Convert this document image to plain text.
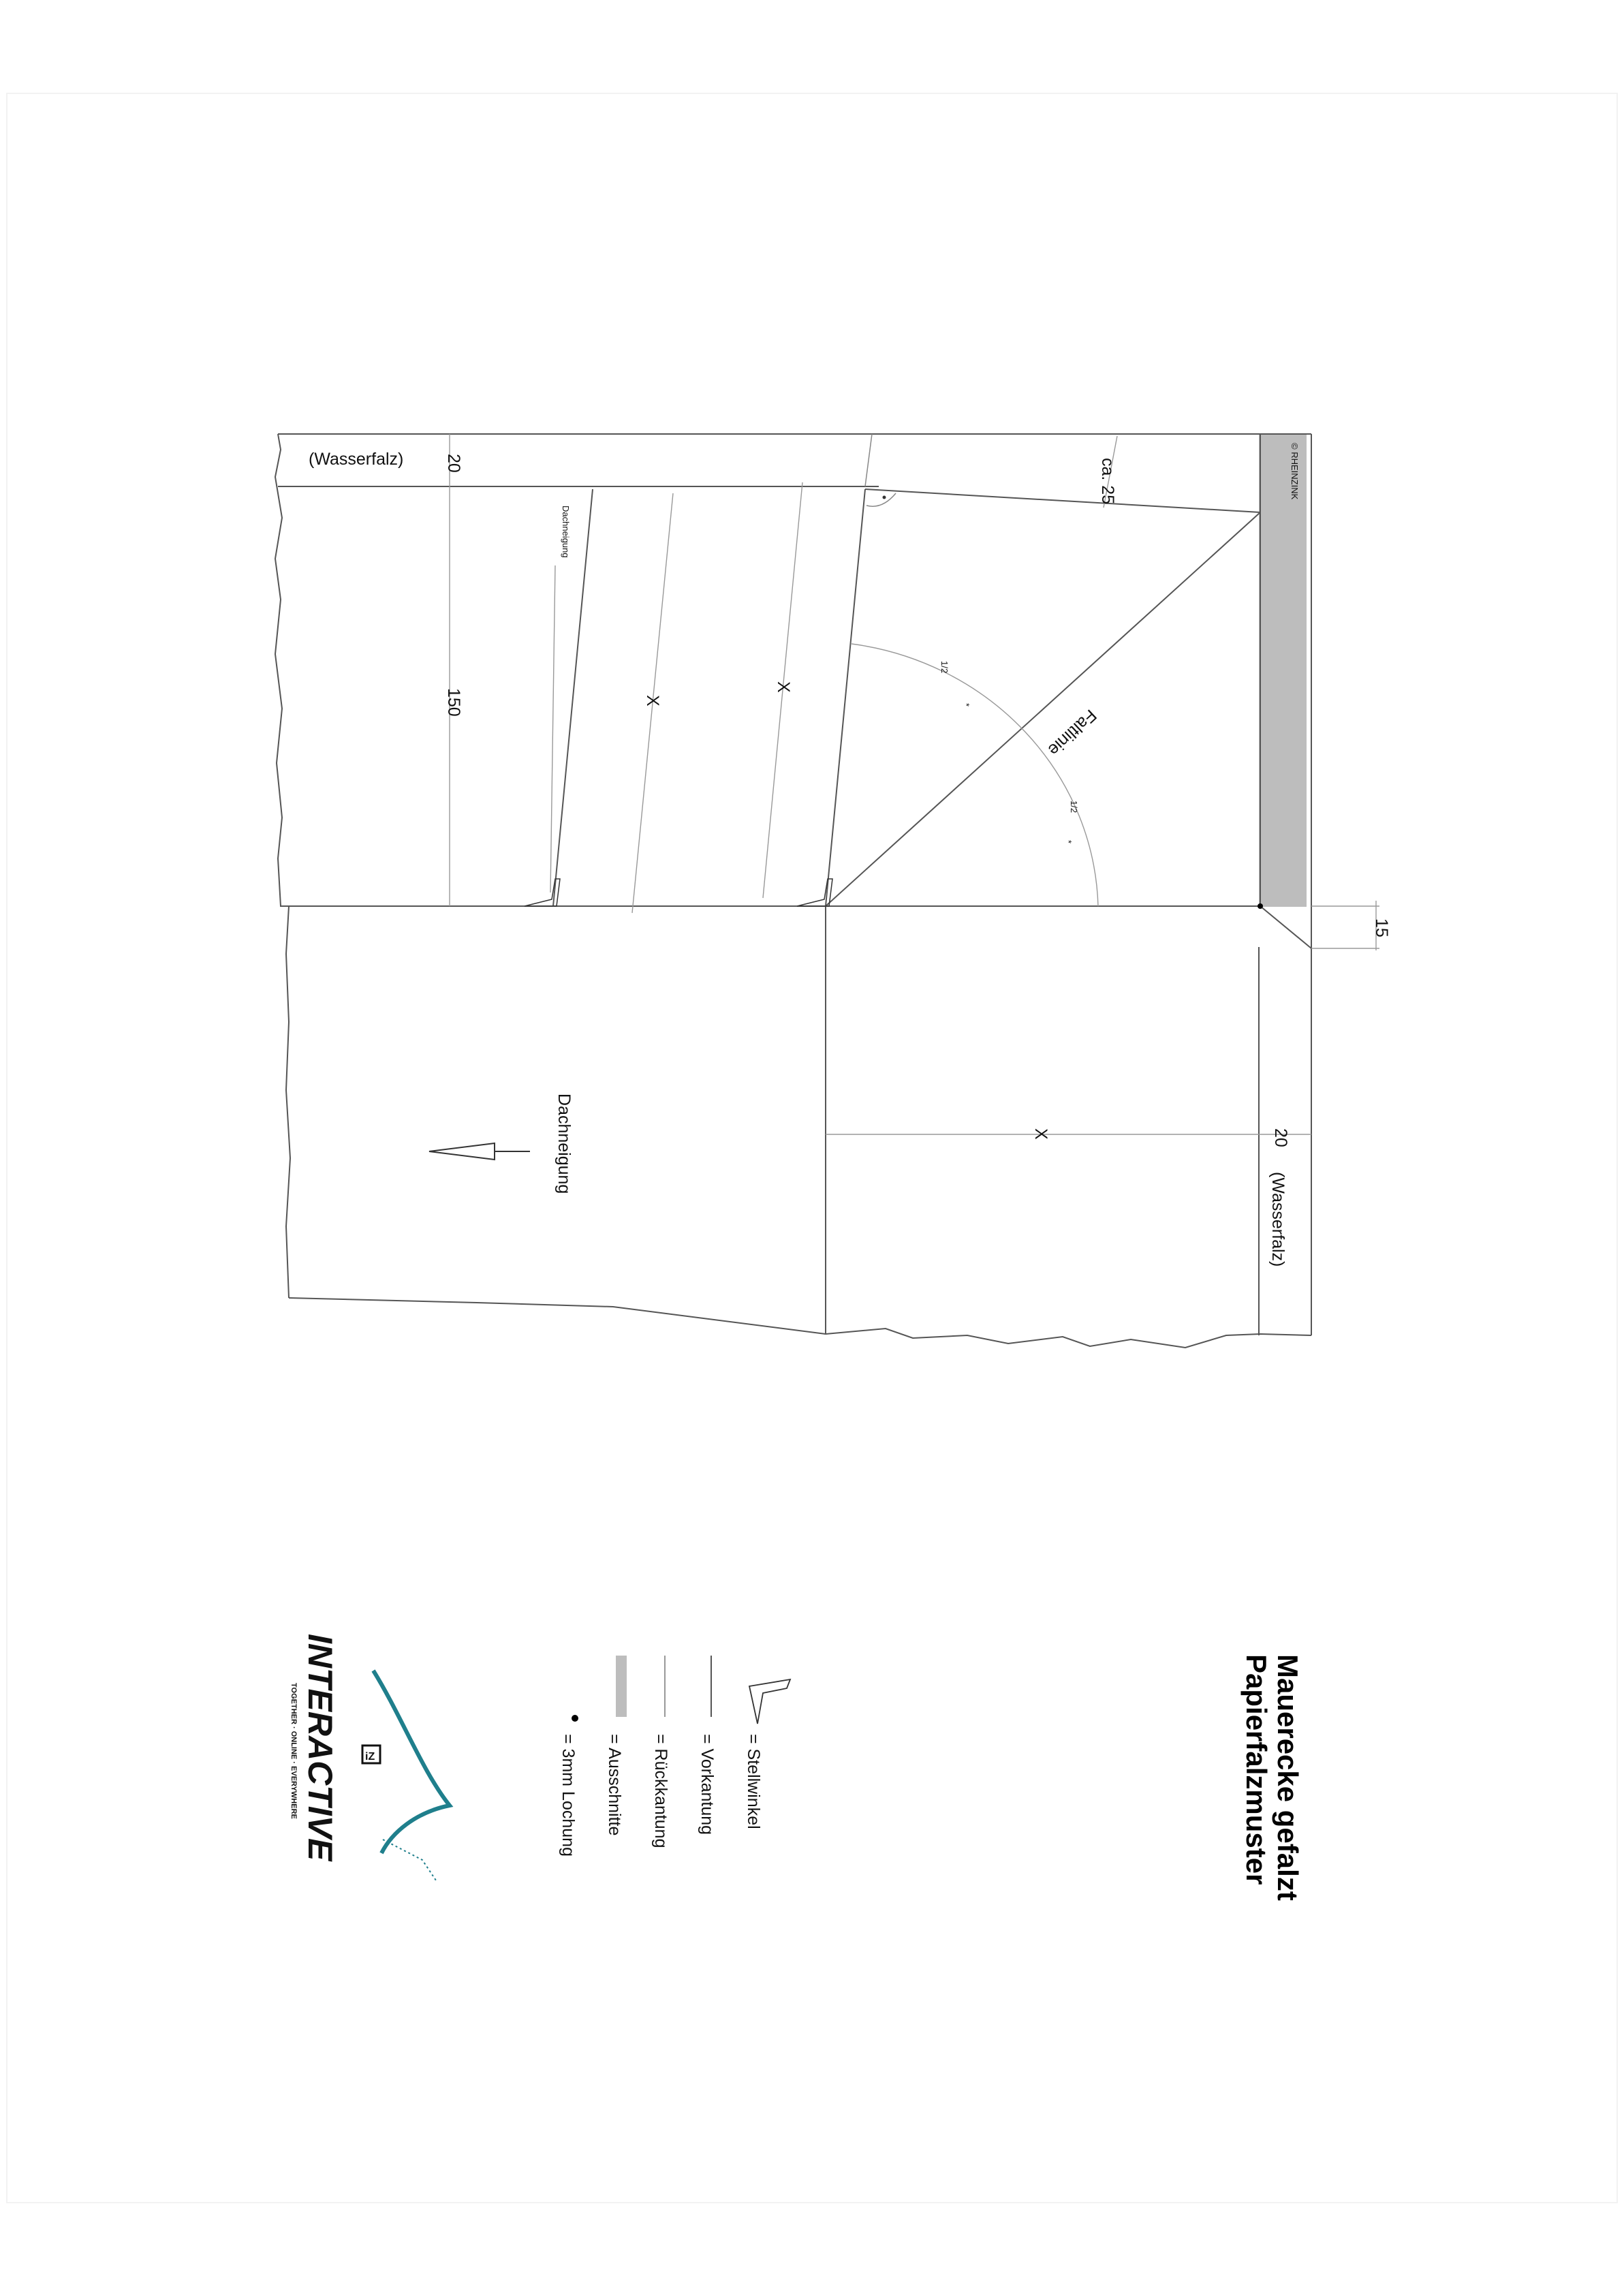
(Wasserfalz) 20
150
ca. 25
X
X
X	20
15
(Wasserfalz)
Faltlinie
Dachneigung
Dachneigung
1/2
1/2
*
*
© RHEINZINK
Mauerecke gefalzt
Papierfalzmuster
= Stellwinkel
= Vorkantung
= Rückkantung
= Ausschnitte
= 3mm Lochung
iZ
INTERACTIVE
TOGETHER · ONLINE · EVERYWHERE
